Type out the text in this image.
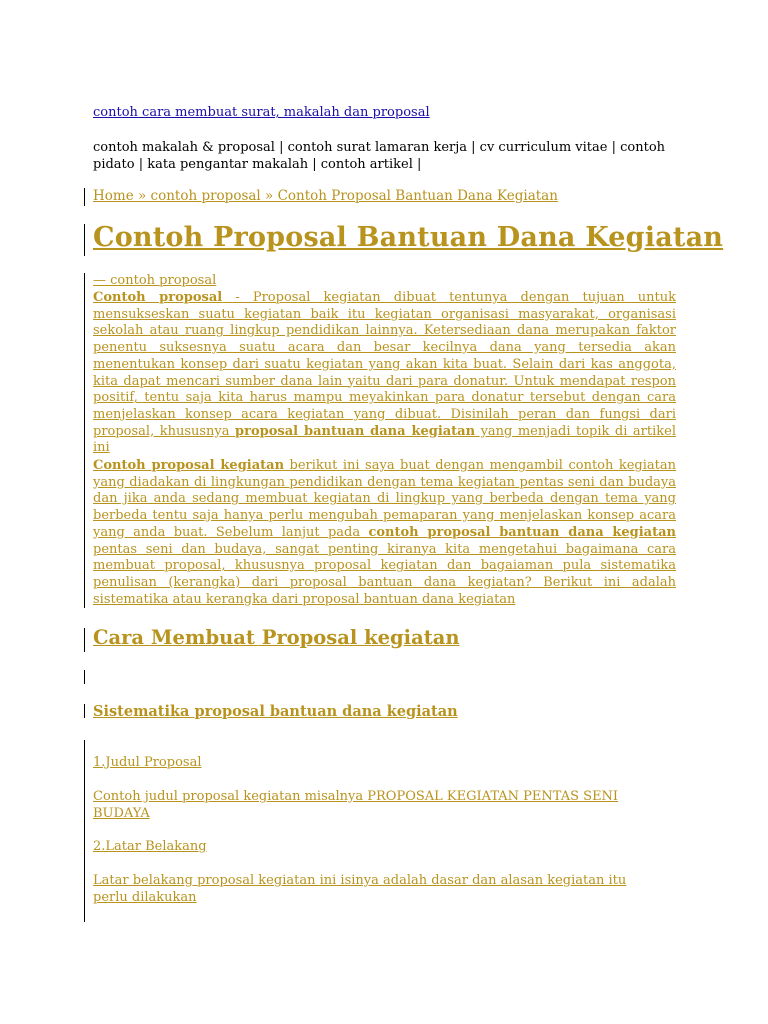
contoh cara membuat surat, makalah dan proposal
contoh makalah & proposal | contoh surat lamaran kerja | cv curriculum vitae | contoh pidato | kata pengantar makalah | contoh artikel |
Home » contoh proposal » Contoh Proposal Bantuan Dana Kegiatan
Contoh Proposal Bantuan Dana Kegiatan
— contoh proposal

Contoh proposal - Proposal kegiatan dibuat tentunya dengan tujuan untuk mensukseskan suatu kegiatan baik itu kegiatan organisasi masyarakat, organisasi sekolah atau ruang lingkup pendidikan lainnya. Ketersediaan dana merupakan faktor penentu suksesnya suatu acara dan besar kecilnya dana yang tersedia akan menentukan konsep dari suatu kegiatan yang akan kita buat. Selain dari kas anggota, kita dapat mencari sumber dana lain yaitu dari para donatur. Untuk mendapat respon positif, tentu saja kita harus mampu meyakinkan para donatur tersebut dengan cara menjelaskan konsep acara kegiatan yang dibuat. Disinilah peran dan fungsi dari proposal, khususnya proposal bantuan dana kegiatan yang menjadi topik di artikel ini

Contoh proposal kegiatan berikut ini saya buat dengan mengambil contoh kegiatan yang diadakan di lingkungan pendidikan dengan tema kegiatan pentas seni dan budaya dan jika anda sedang membuat kegiatan di lingkup yang berbeda dengan tema yang berbeda tentu saja hanya perlu mengubah pemaparan yang menjelaskan konsep acara yang anda buat. Sebelum lanjut pada contoh proposal bantuan dana kegiatan pentas seni dan budaya, sangat penting kiranya kita mengetahui bagaimana cara membuat proposal, khususnya proposal kegiatan dan bagaiaman pula sistematika penulisan (kerangka) dari proposal bantuan dana kegiatan? Berikut ini adalah sistematika atau kerangka dari proposal bantuan dana kegiatan

Cara Membuat Proposal kegiatan
Sistematika proposal bantuan dana kegiatan

1.Judul Proposal

Contoh judul proposal kegiatan misalnya PROPOSAL KEGIATAN PENTAS SENI BUDAYA

2.Latar Belakang

Latar belakang proposal kegiatan ini isinya adalah dasar dan alasan kegiatan itu perlu dilakukan
